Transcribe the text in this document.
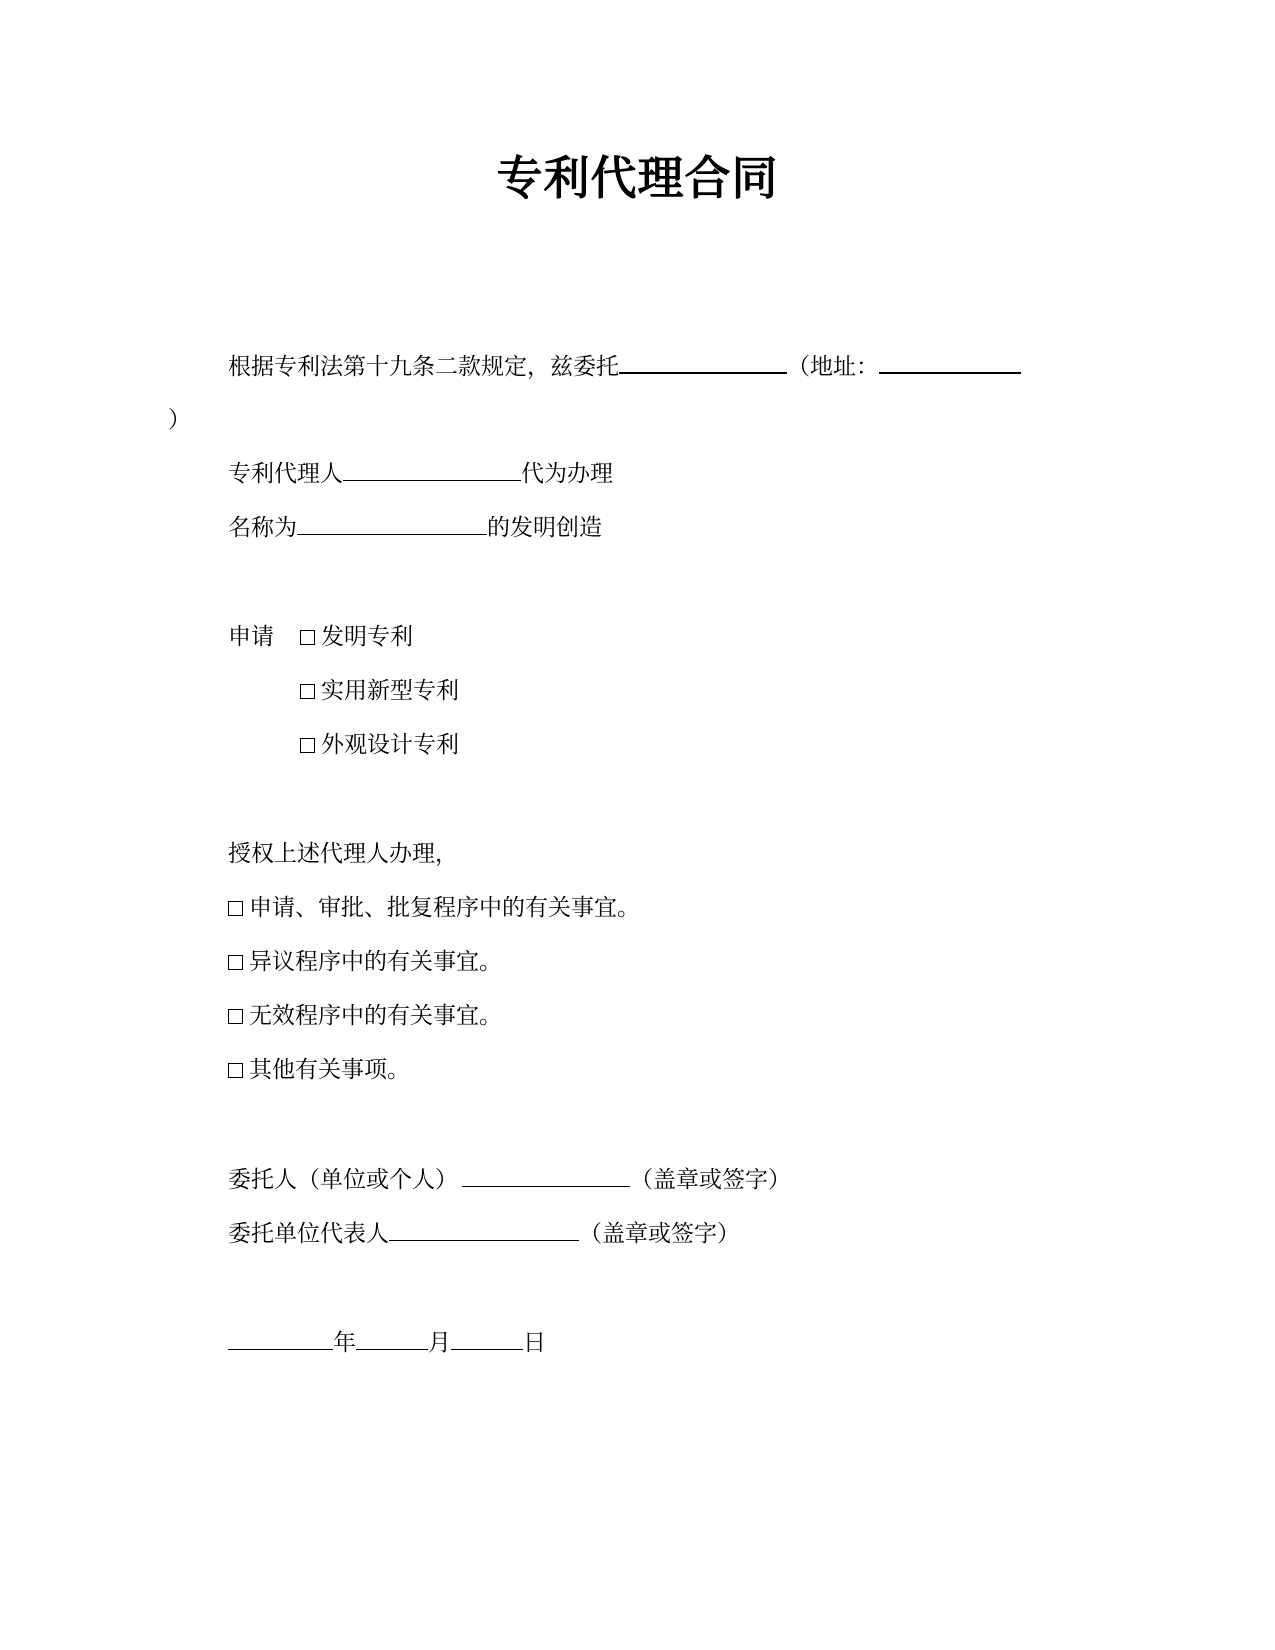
专利代理合同
根据专利法第十九条二款规定，兹委托	（地址：
）
专利代理人	代为办理
名称为	的发明创造
申请	发明专利
实用新型专利
外观设计专利
授权上述代理人办理，
申请、审批、批复程序中的有关事宜。
异议程序中的有关事宜。
无效程序中的有关事宜。
其他有关事项。
委托人（单位或个人）	（盖章或签字）
委托单位代表人	（盖章或签字）
年	月	日
